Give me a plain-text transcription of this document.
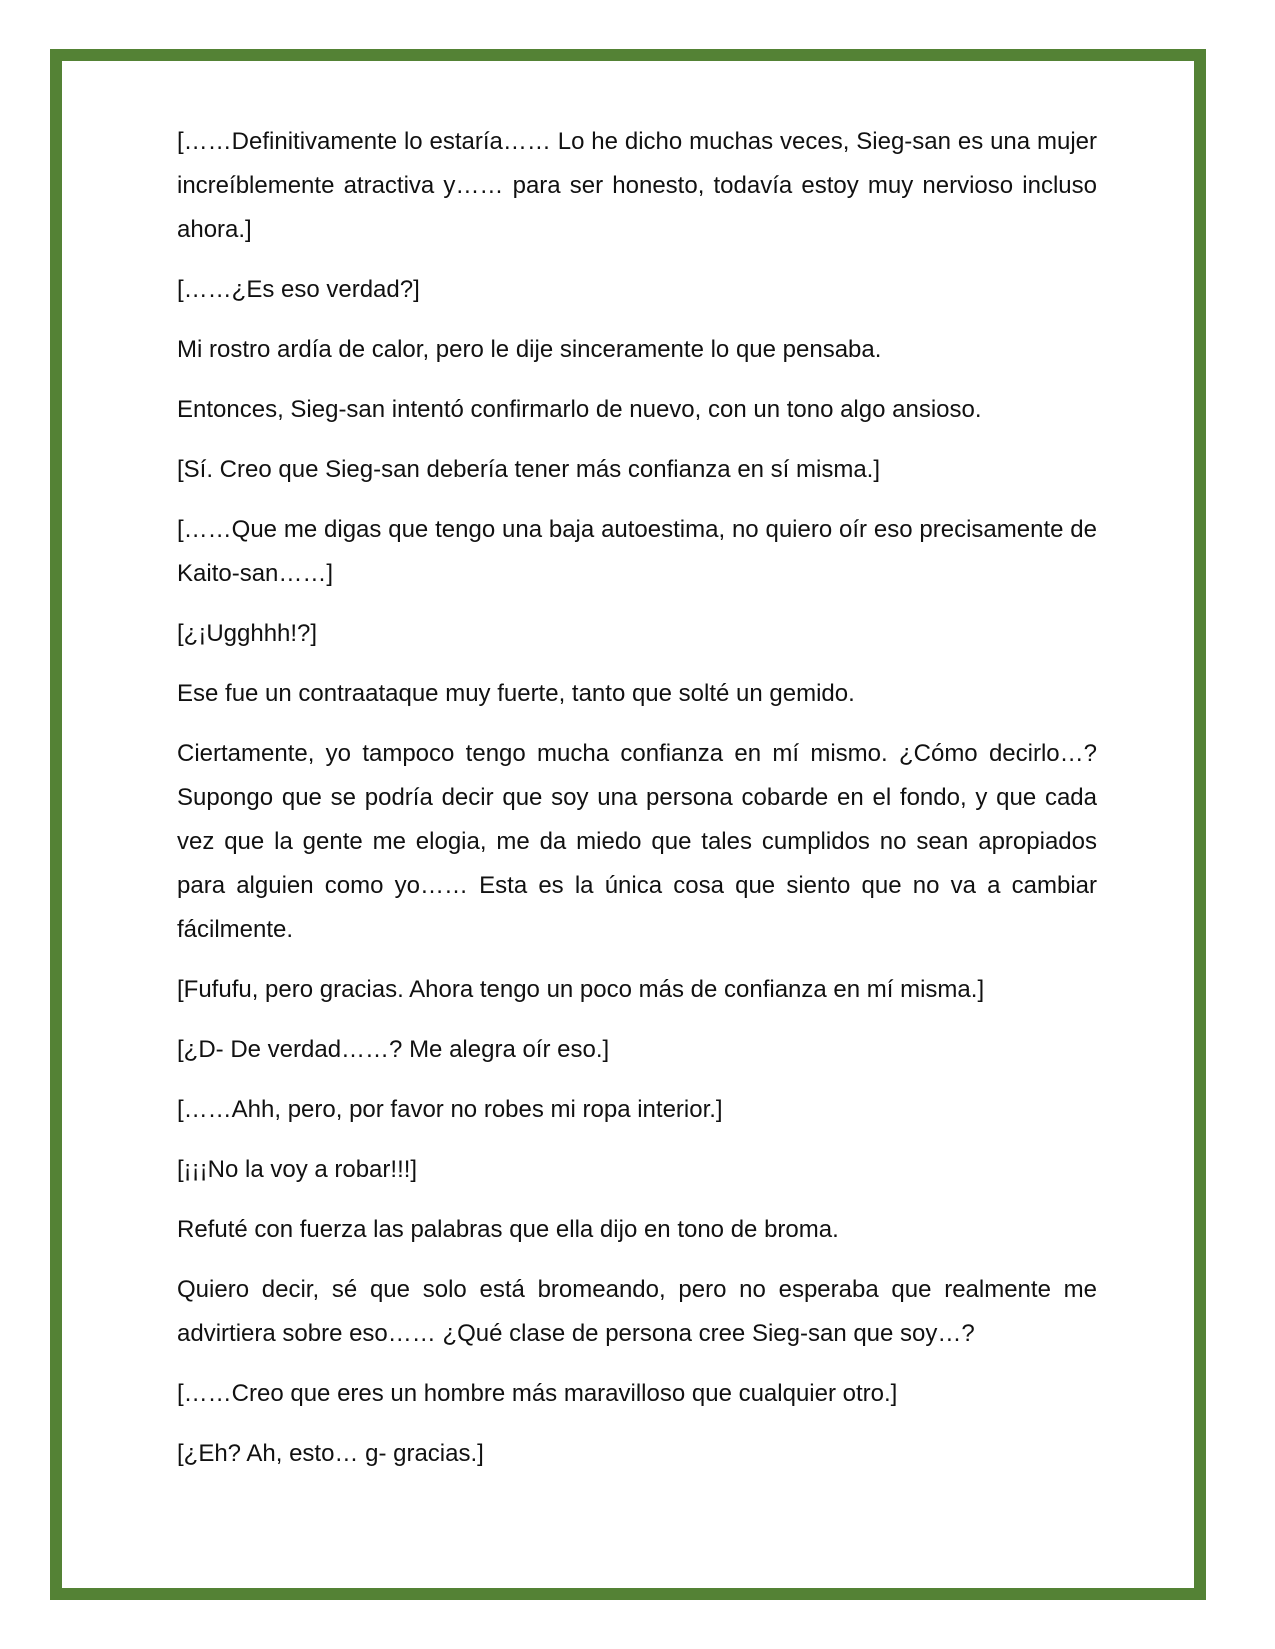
[……Definitivamente lo estaría…… Lo he dicho muchas veces, Sieg-san es una mujer increíblemente atractiva y…… para ser honesto, todavía estoy muy nervioso incluso ahora.]

[……¿Es eso verdad?]

Mi rostro ardía de calor, pero le dije sinceramente lo que pensaba.

Entonces, Sieg-san intentó confirmarlo de nuevo, con un tono algo ansioso.

[Sí. Creo que Sieg-san debería tener más confianza en sí misma.]

[……Que me digas que tengo una baja autoestima, no quiero oír eso precisamente de Kaito-san……]

[¿¡Ugghhh!?]

Ese fue un contraataque muy fuerte, tanto que solté un gemido.

Ciertamente, yo tampoco tengo mucha confianza en mí mismo. ¿Cómo decirlo…? Supongo que se podría decir que soy una persona cobarde en el fondo, y que cada vez que la gente me elogia, me da miedo que tales cumplidos no sean apropiados para alguien como yo…… Esta es la única cosa que siento que no va a cambiar fácilmente.

[Fufufu, pero gracias. Ahora tengo un poco más de confianza en mí misma.]

[¿D- De verdad……? Me alegra oír eso.]

[……Ahh, pero, por favor no robes mi ropa interior.]

[¡¡¡No la voy a robar!!!]

Refuté con fuerza las palabras que ella dijo en tono de broma.

Quiero decir, sé que solo está bromeando, pero no esperaba que realmente me advirtiera sobre eso…… ¿Qué clase de persona cree Sieg-san que soy…?

[……Creo que eres un hombre más maravilloso que cualquier otro.]

[¿Eh? Ah, esto… g- gracias.]
